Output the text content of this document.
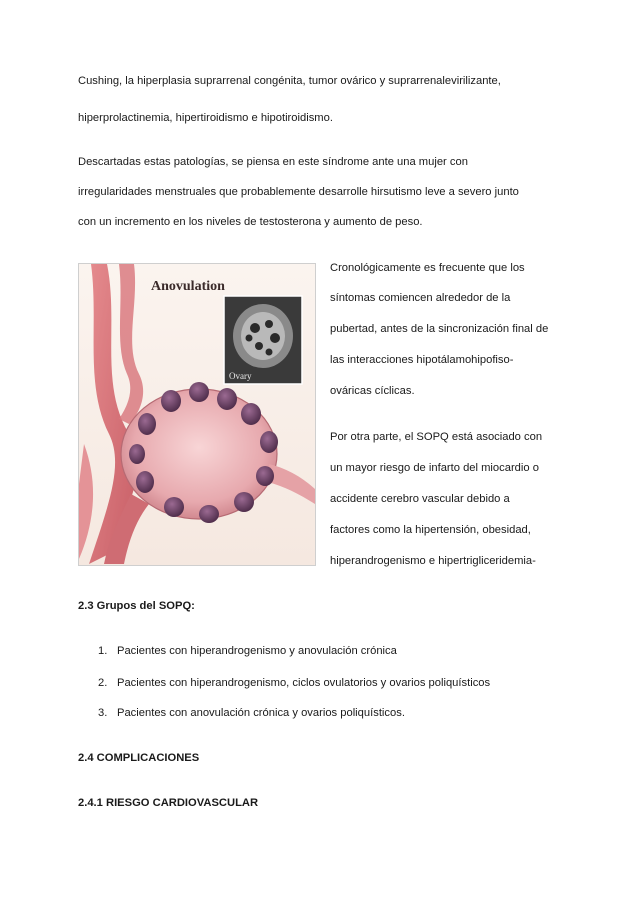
Cushing, la hiperplasia suprarrenal congénita, tumor ovárico y suprarrenalevirilizante,
hiperprolactinemia, hipertiroidismo e hipotiroidismo.
Descartadas estas patologías, se piensa en este síndrome ante una mujer con
irregularidades menstruales que probablemente desarrolle hirsutismo leve a severo junto
con un incremento en los niveles de testosterona y aumento de peso.
Ovary
Anovulation
Cronológicamente es frecuente que los
síntomas comiencen alrededor de la
pubertad, antes de la sincronización final de
las interacciones hipotálamohipofiso-
ováricas cíclicas.
Por otra parte, el SOPQ está asociado con
un mayor riesgo de infarto del miocardio o
accidente cerebro vascular debido a
factores como la hipertensión, obesidad,
hiperandrogenismo e hipertrigliceridemia-
2.3 Grupos del SOPQ:
1. Pacientes con hiperandrogenismo y anovulación crónica
2. Pacientes con hiperandrogenismo, ciclos ovulatorios y ovarios poliquísticos
3. Pacientes con anovulación crónica y ovarios poliquísticos.
2.4 COMPLICACIONES
2.4.1 RIESGO CARDIOVASCULAR
